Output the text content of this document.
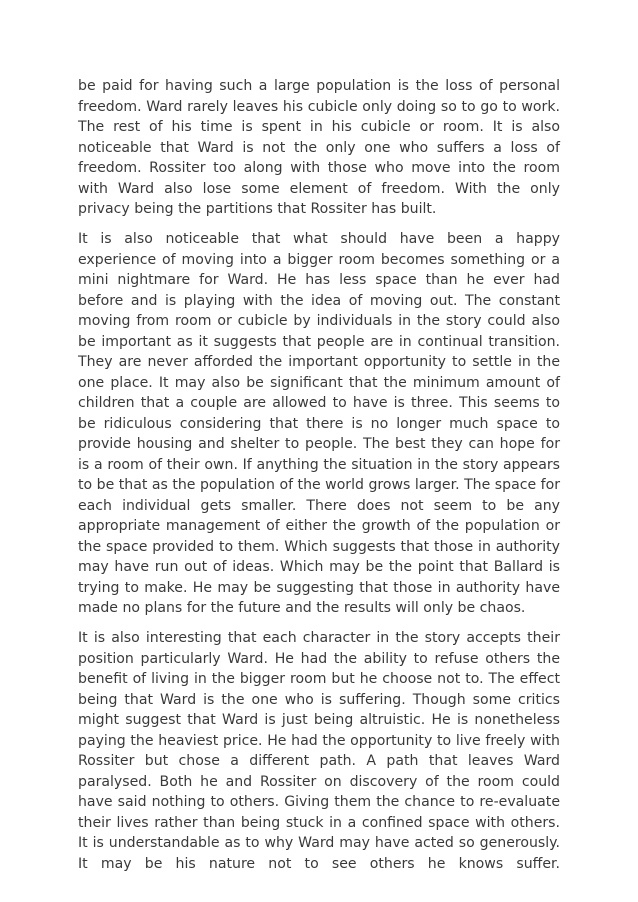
be paid for having such a large population is the loss of personal freedom. Ward rarely leaves his cubicle only doing so to go to work. The rest of his time is spent in his cubicle or room. It is also noticeable that Ward is not the only one who suffers a loss of freedom. Rossiter too along with those who move into the room with Ward also lose some element of freedom. With the only privacy being the partitions that Rossiter has built.

It is also noticeable that what should have been a happy experience of moving into a bigger room becomes something or a mini nightmare for Ward. He has less space than he ever had before and is playing with the idea of moving out. The constant moving from room or cubicle by individuals in the story could also be important as it suggests that people are in continual transition. They are never afforded the important opportunity to settle in the one place. It may also be significant that the minimum amount of children that a couple are allowed to have is three. This seems to be ridiculous considering that there is no longer much space to provide housing and shelter to people. The best they can hope for is a room of their own. If anything the situation in the story appears to be that as the population of the world grows larger. The space for each individual gets smaller. There does not seem to be any appropriate management of either the growth of the population or the space provided to them. Which suggests that those in authority may have run out of ideas. Which may be the point that Ballard is trying to make. He may be suggesting that those in authority have made no plans for the future and the results will only be chaos.

It is also interesting that each character in the story accepts their position particularly Ward. He had the ability to refuse others the benefit of living in the bigger room but he choose not to. The effect being that Ward is the one who is suffering. Though some critics might suggest that Ward is just being altruistic. He is nonetheless paying the heaviest price. He had the opportunity to live freely with Rossiter but chose a different path. A path that leaves Ward paralysed. Both he and Rossiter on discovery of the room could have said nothing to others. Giving them the chance to re-evaluate their lives rather than being stuck in a confined space with others. It is understandable as to why Ward may have acted so generously. It may be his nature not to see others he knows suffer.
